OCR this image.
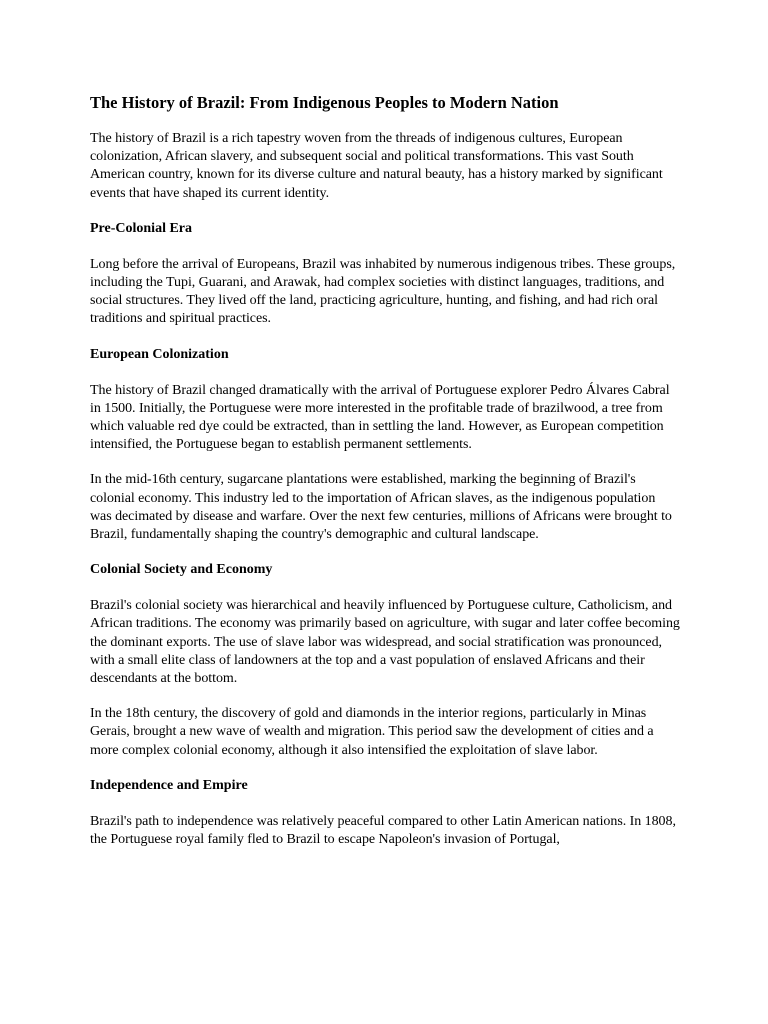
The History of Brazil: From Indigenous Peoples to Modern Nation

The history of Brazil is a rich tapestry woven from the threads of indigenous cultures, European colonization, African slavery, and subsequent social and political transformations. This vast South American country, known for its diverse culture and natural beauty, has a history marked by significant events that have shaped its current identity.

Pre-Colonial Era

Long before the arrival of Europeans, Brazil was inhabited by numerous indigenous tribes. These groups, including the Tupi, Guarani, and Arawak, had complex societies with distinct languages, traditions, and social structures. They lived off the land, practicing agriculture, hunting, and fishing, and had rich oral traditions and spiritual practices.

European Colonization

The history of Brazil changed dramatically with the arrival of Portuguese explorer Pedro Álvares Cabral in 1500. Initially, the Portuguese were more interested in the profitable trade of brazilwood, a tree from which valuable red dye could be extracted, than in settling the land. However, as European competition intensified, the Portuguese began to establish permanent settlements.

In the mid-16th century, sugarcane plantations were established, marking the beginning of Brazil's colonial economy. This industry led to the importation of African slaves, as the indigenous population was decimated by disease and warfare. Over the next few centuries, millions of Africans were brought to Brazil, fundamentally shaping the country's demographic and cultural landscape.

Colonial Society and Economy

Brazil's colonial society was hierarchical and heavily influenced by Portuguese culture, Catholicism, and African traditions. The economy was primarily based on agriculture, with sugar and later coffee becoming the dominant exports. The use of slave labor was widespread, and social stratification was pronounced, with a small elite class of landowners at the top and a vast population of enslaved Africans and their descendants at the bottom.

In the 18th century, the discovery of gold and diamonds in the interior regions, particularly in Minas Gerais, brought a new wave of wealth and migration. This period saw the development of cities and a more complex colonial economy, although it also intensified the exploitation of slave labor.

Independence and Empire

Brazil's path to independence was relatively peaceful compared to other Latin American nations. In 1808, the Portuguese royal family fled to Brazil to escape Napoleon's invasion of Portugal,
